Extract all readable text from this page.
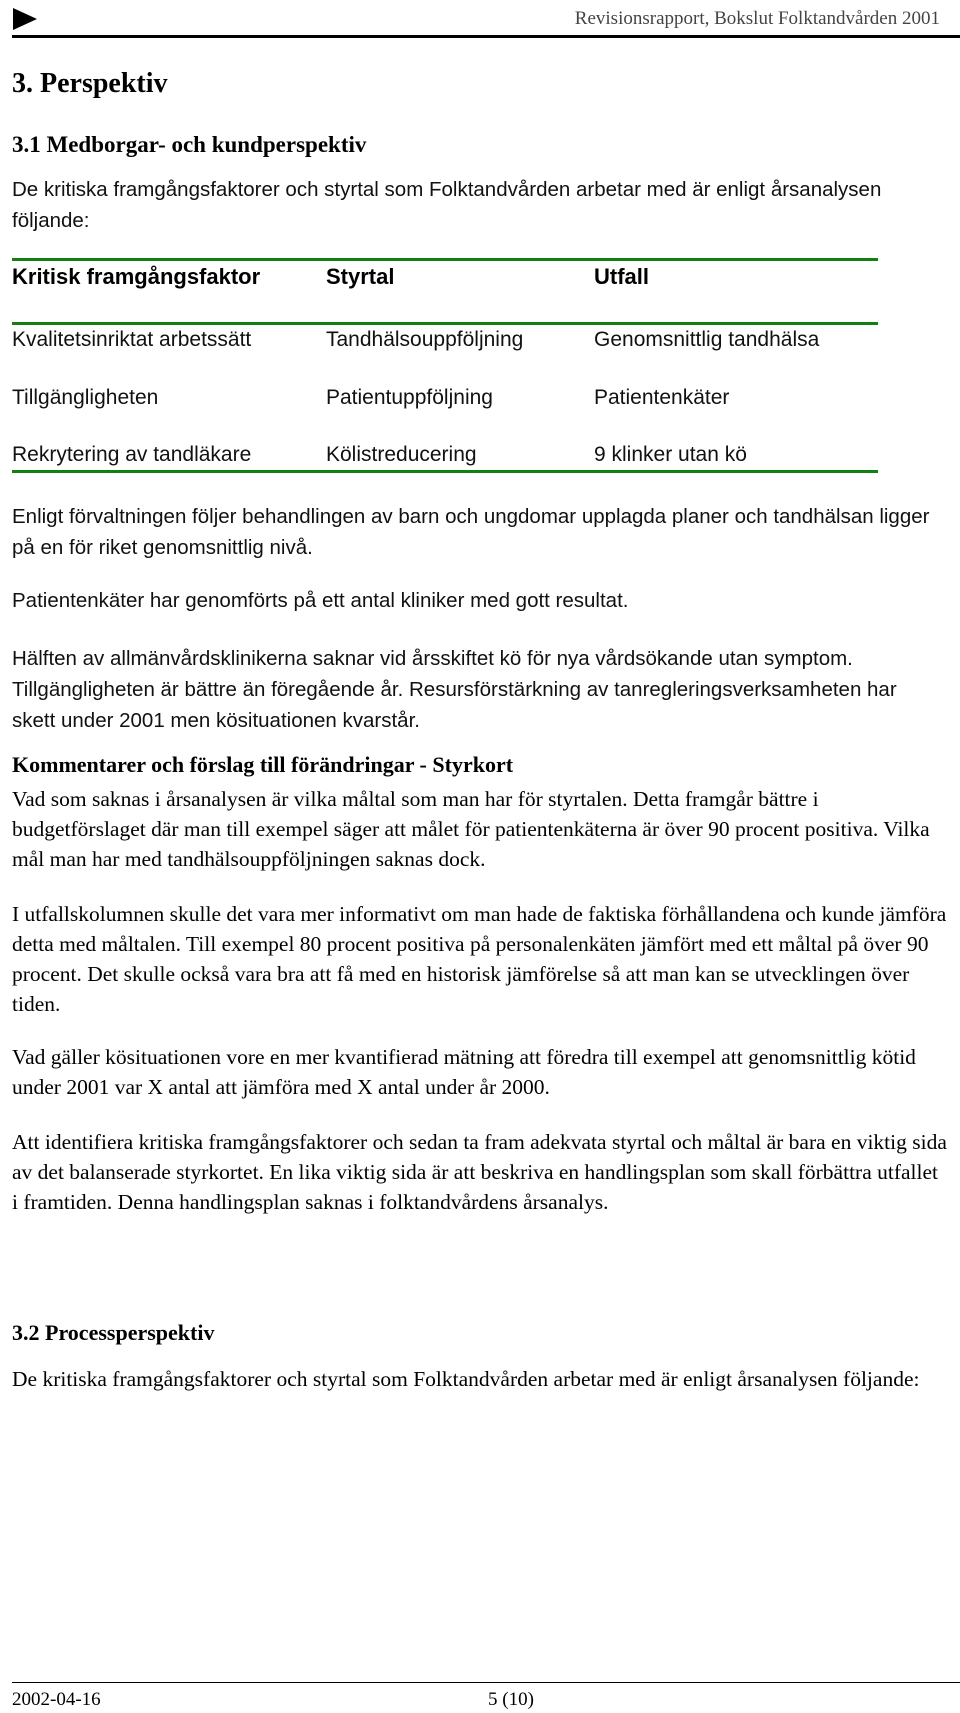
Revisionsrapport, Bokslut Folktandvården 2001
3. Perspektiv
3.1 Medborgar- och kundperspektiv
De kritiska framgångsfaktorer och styrtal som Folktandvården arbetar med är enligt årsanalysen följande:
Kritisk framgångsfaktor	Styrtal	Utfall
Kvalitetsinriktat arbetssätt	Tandhälsouppföljning	Genomsnittlig tandhälsa
Tillgängligheten	Patientuppföljning	Patientenkäter
Rekrytering av tandläkare	Kölistreducering	9 klinker utan kö
Enligt förvaltningen följer behandlingen av barn och ungdomar upplagda planer och tandhälsan ligger på en för riket genomsnittlig nivå.
Patientenkäter har genomförts på ett antal kliniker med gott resultat.
Hälften av allmänvårdsklinikerna saknar vid årsskiftet kö för nya vårdsökande utan symptom. Tillgängligheten är bättre än föregående år. Resursförstärkning av tanregleringsverksamheten har skett under 2001 men kösituationen kvarstår.
Kommentarer och förslag till förändringar - Styrkort
Vad som saknas i årsanalysen är vilka måltal som man har för styrtalen. Detta framgår bättre i budgetförslaget där man till exempel säger att målet för patientenkäterna är över 90 procent positiva. Vilka mål man har med tandhälsouppföljningen saknas dock.
I utfallskolumnen skulle det vara mer informativt om man hade de faktiska förhållandena och kunde jämföra detta med måltalen. Till exempel 80 procent positiva på personalenkäten jämfört med ett måltal på över 90 procent. Det skulle också vara bra att få med en historisk jämförelse så att man kan se utvecklingen över tiden.
Vad gäller kösituationen vore en mer kvantifierad mätning att föredra till exempel att genomsnittlig kötid under 2001 var X antal att jämföra med X antal under år 2000.
Att identifiera kritiska framgångsfaktorer och sedan ta fram adekvata styrtal och måltal är bara en viktig sida av det balanserade styrkortet. En lika viktig sida är att beskriva en handlingsplan som skall förbättra utfallet i framtiden. Denna handlingsplan saknas i folktandvårdens årsanalys.
3.2 Processperspektiv
De kritiska framgångsfaktorer och styrtal som Folktandvården arbetar med är enligt årsanalysen följande:
2002-04-16	5 (10)
